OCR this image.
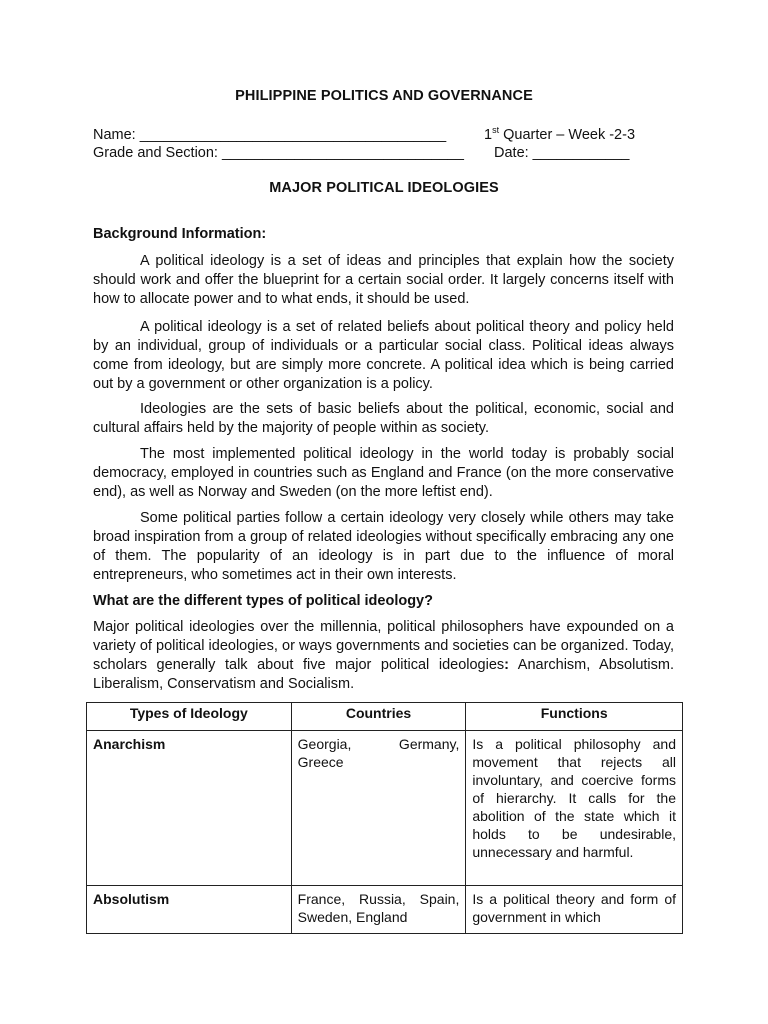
PHILIPPINE POLITICS AND GOVERNANCE
Name: ______________________________________	1st Quarter – Week -2-3
Grade and Section: ______________________________ Date: ____________
MAJOR POLITICAL IDEOLOGIES
Background Information:
A political ideology is a set of ideas and principles that explain how the society should work and offer the blueprint for a certain social order. It largely concerns itself with how to allocate power and to what ends, it should be used.
A political ideology is a set of related beliefs about political theory and policy held by an individual, group of individuals or a particular social class. Political ideas always come from ideology, but are simply more concrete. A political idea which is being carried out by a government or other organization is a policy.
Ideologies are the sets of basic beliefs about the political, economic, social and cultural affairs held by the majority of people within as society.
The most implemented political ideology in the world today is probably social democracy, employed in countries such as England and France (on the more conservative end), as well as Norway and Sweden (on the more leftist end).
Some political parties follow a certain ideology very closely while others may take broad inspiration from a group of related ideologies without specifically embracing any one of them. The popularity of an ideology is in part due to the influence of moral entrepreneurs, who sometimes act in their own interests.
What are the different types of political ideology?
Major political ideologies over the millennia, political philosophers have expounded on a variety of political ideologies, or ways governments and societies can be organized. Today, scholars generally talk about five major political ideologies: Anarchism, Absolutism. Liberalism, Conservatism and Socialism.
Types of Ideology	Countries	Functions
Anarchism	Georgia, Germany, Greece	Is a political philosophy and movement that rejects all involuntary, and coercive forms of hierarchy. It calls for the abolition of the state which it holds to be undesirable, unnecessary and harmful.
Absolutism	France, Russia, Spain, Sweden, England	Is a political theory and form of government in which
